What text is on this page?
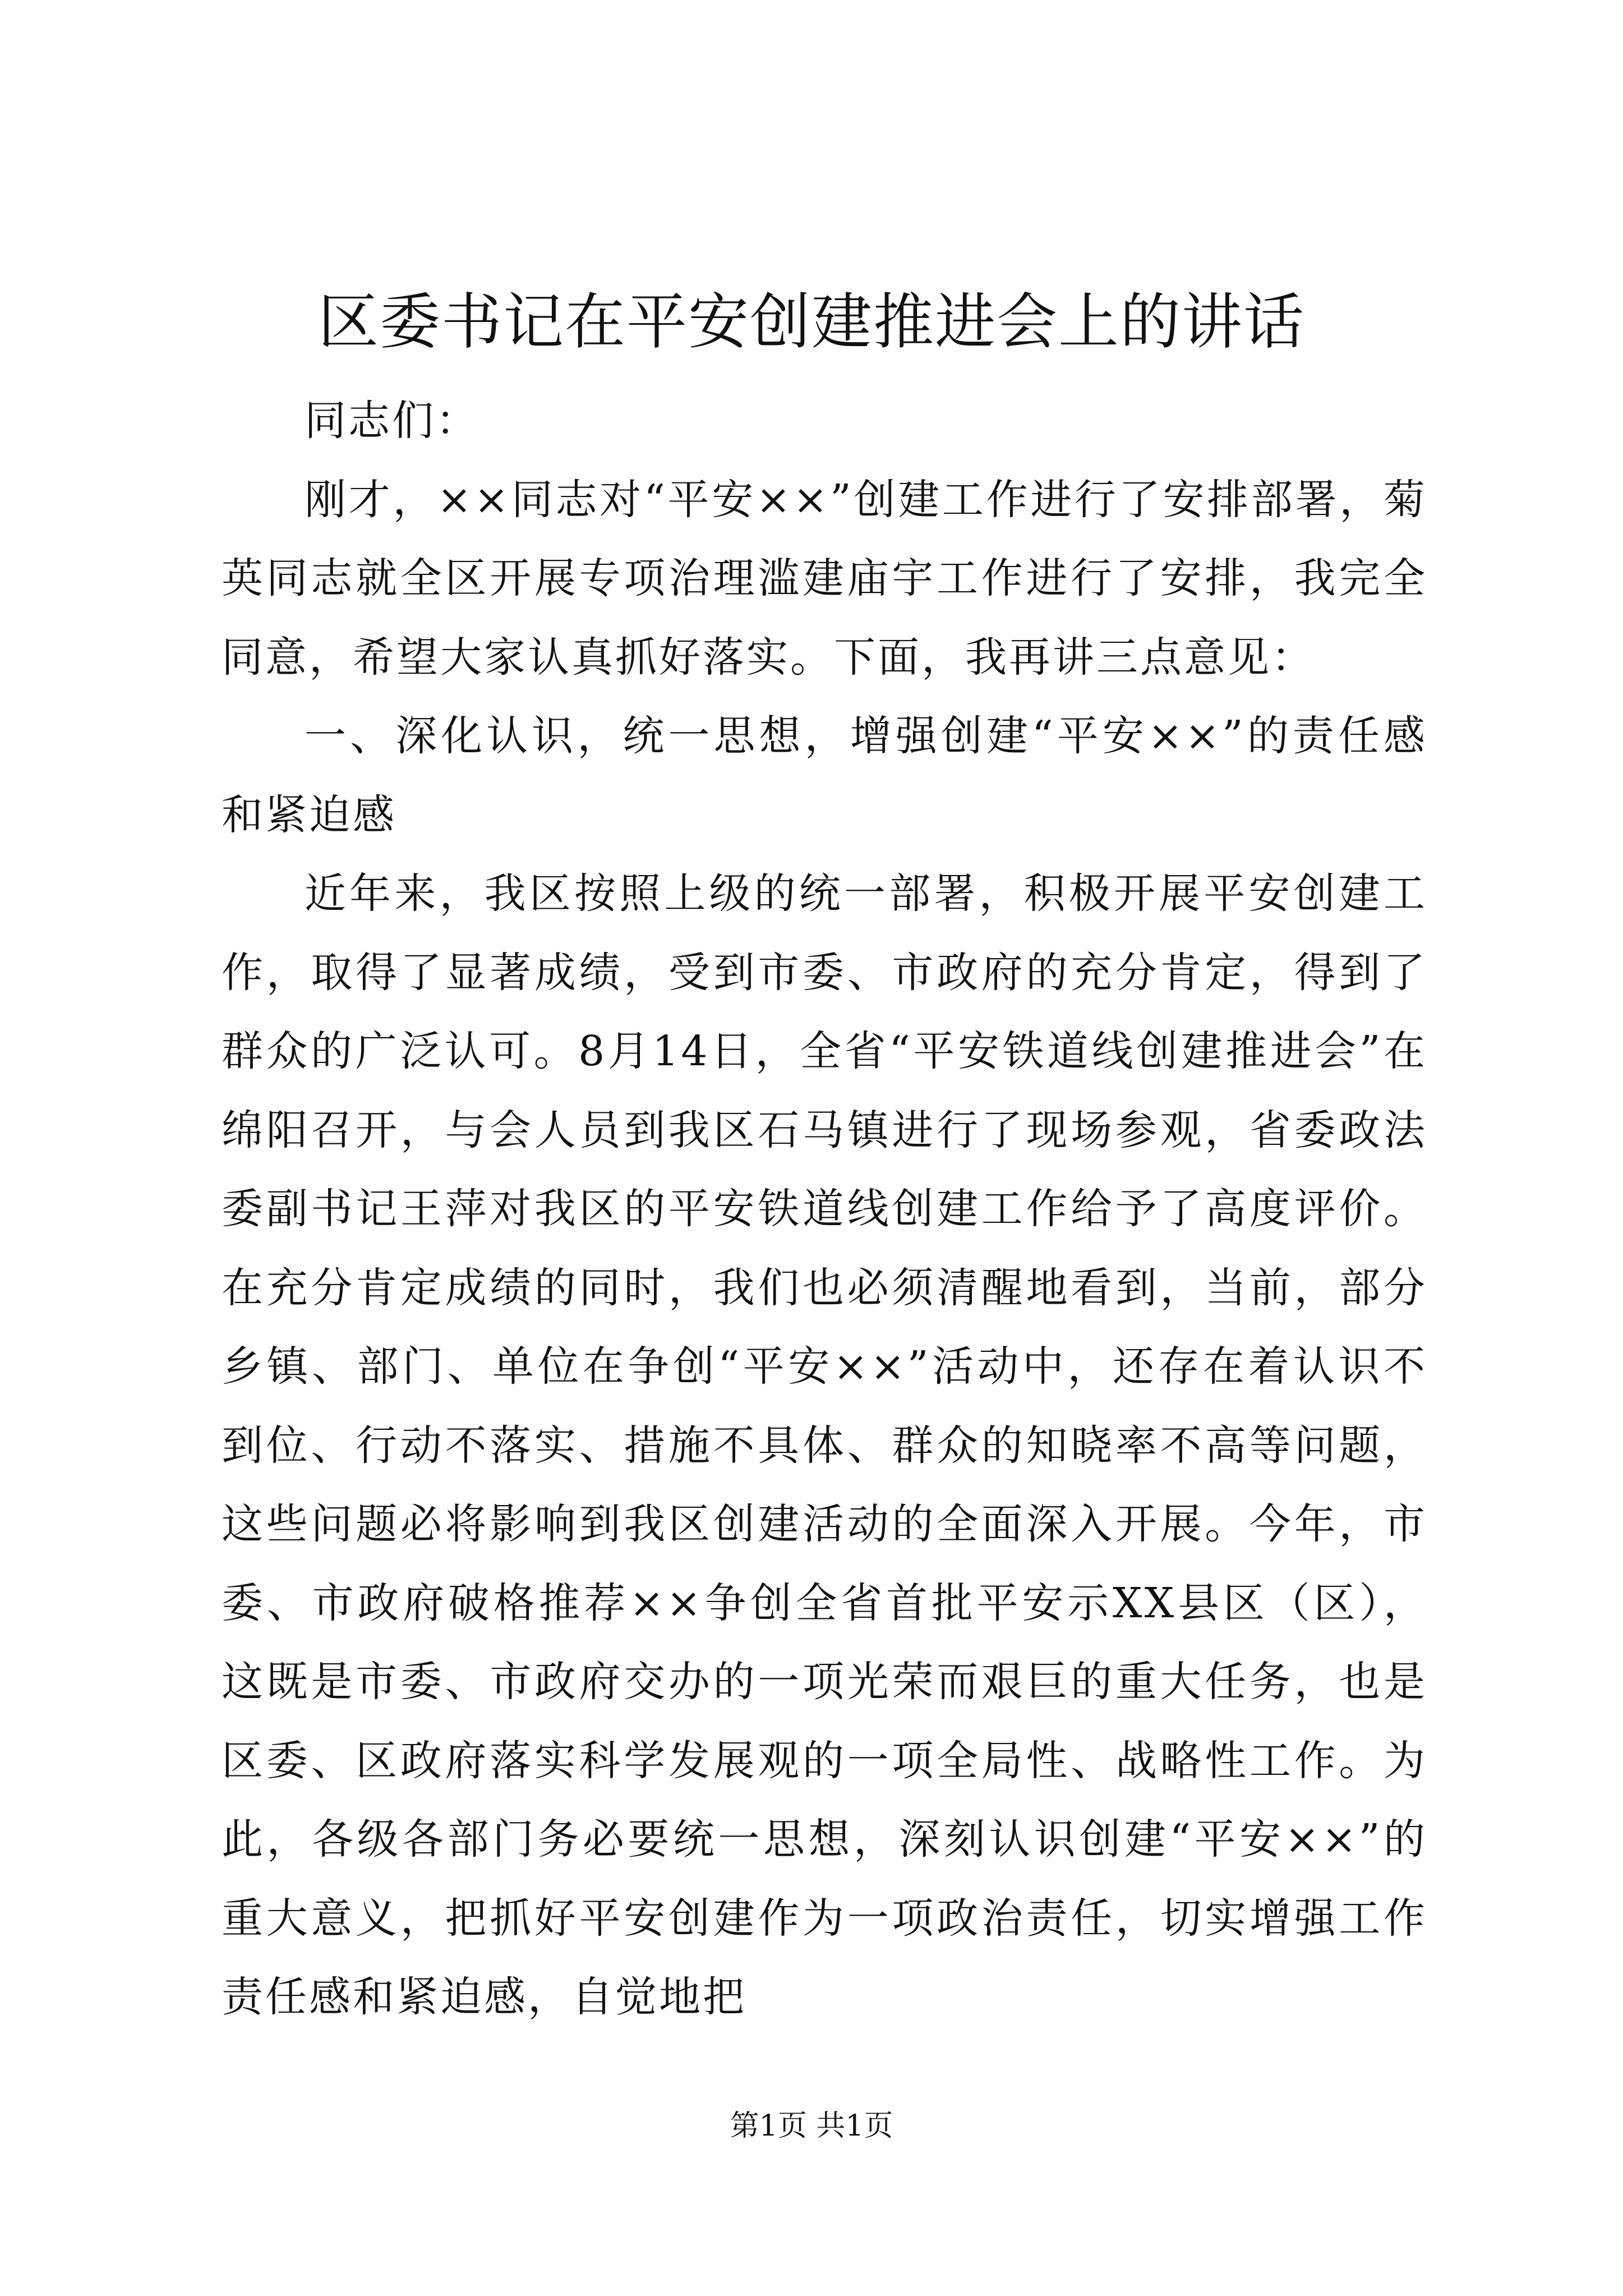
区委书记在平安创建推进会上的讲话

同志们：

刚才，××同志对“平安××”创建工作进行了安排部署，菊英同志就全区开展专项治理滥建庙宇工作进行了安排，我完全同意，希望大家认真抓好落实。下面，我再讲三点意见：

一、深化认识，统一思想，增强创建“平安××”的责任感和紧迫感

近年来，我区按照上级的统一部署，积极开展平安创建工作，取得了显著成绩，受到市委、市政府的充分肯定，得到了群众的广泛认可。8月14日，全省“平安铁道线创建推进会”在绵阳召开，与会人员到我区石马镇进行了现场参观，省委政法委副书记王萍对我区的平安铁道线创建工作给予了高度评价。在充分肯定成绩的同时，我们也必须清醒地看到，当前，部分乡镇、部门、单位在争创“平安××”活动中，还存在着认识不到位、行动不落实、措施不具体、群众的知晓率不高等问题，这些问题必将影响到我区创建活动的全面深入开展。今年，市委、市政府破格推荐××争创全省首批平安示XX县区（区），这既是市委、市政府交办的一项光荣而艰巨的重大任务，也是区委、区政府落实科学发展观的一项全局性、战略性工作。为此，各级各部门务必要统一思想，深刻认识创建“平安××”的重大意义，把抓好平安创建作为一项政治责任，切实增强工作责任感和紧迫感，自觉地把

第1页 共1页
